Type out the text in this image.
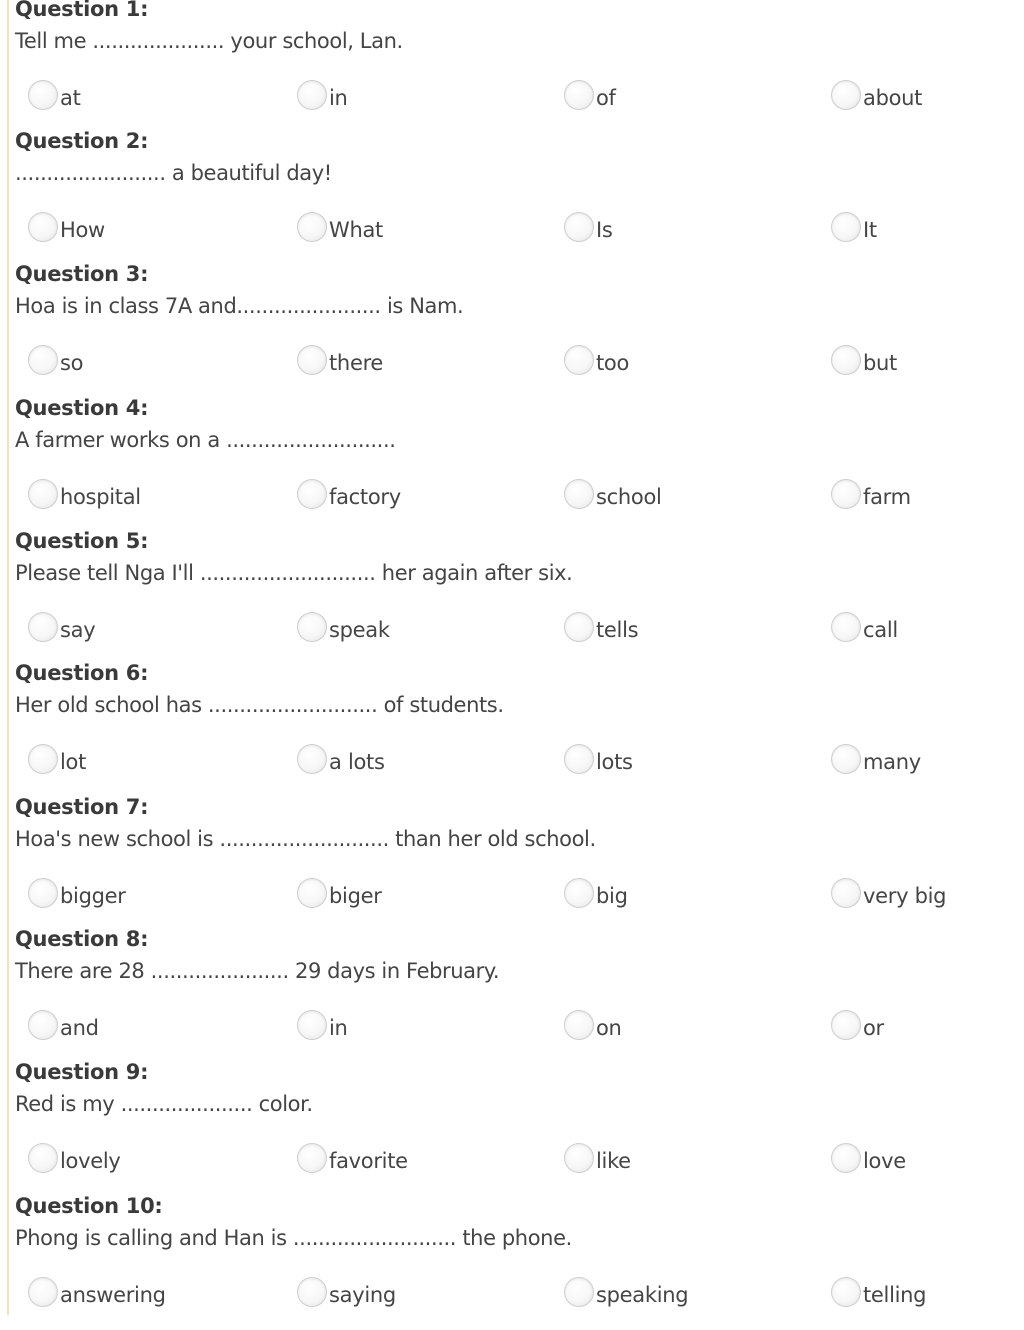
Question 1:
Tell me ..................... your school, Lan.
at	in	of	about
Question 2:
........................ a beautiful day!
How	What	Is	It
Question 3:
Hoa is in class 7A and....................... is Nam.
so	there	too	but
Question 4:
A farmer works on a ...........................
hospital	factory	school	farm
Question 5:
Please tell Nga I'll ............................ her again after six.
say	speak	tells	call
Question 6:
Her old school has ........................... of students.
lot	a lots	lots	many
Question 7:
Hoa's new school is ........................... than her old school.
bigger	biger	big	very big
Question 8:
There are 28 ...................... 29 days in February.
and	in	on	or
Question 9:
Red is my ..................... color.
lovely	favorite	like	love
Question 10:
Phong is calling and Han is .......................... the phone.
answering	saying	speaking	telling
